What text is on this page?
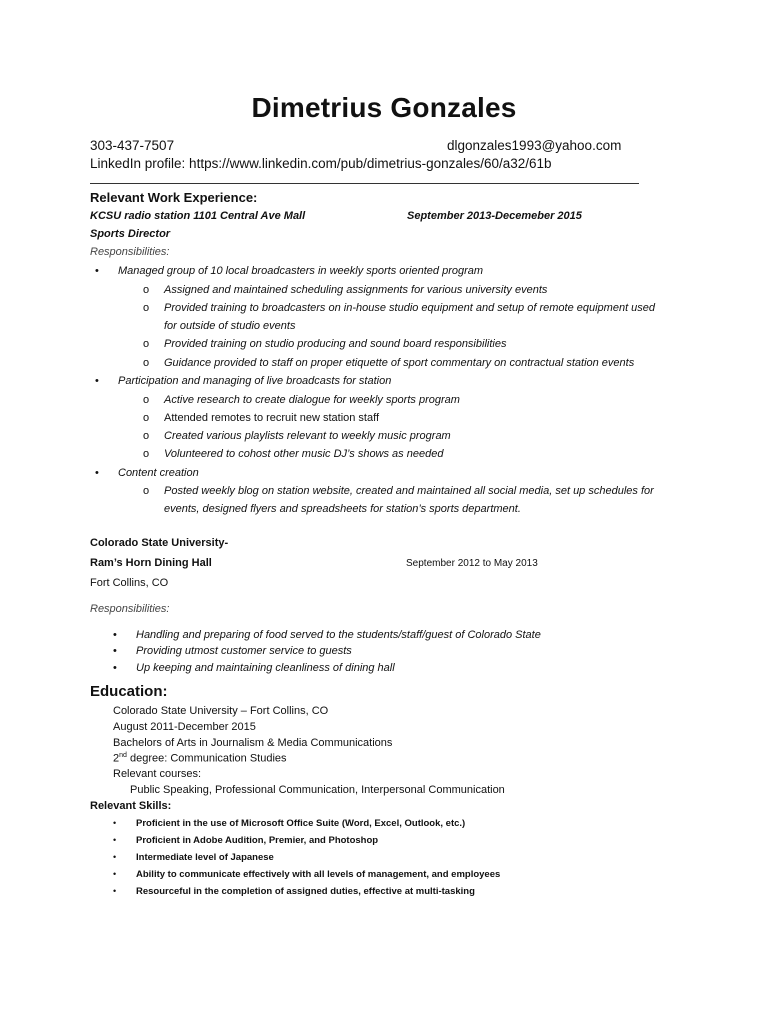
Dimetrius Gonzales
303-437-7507	dlgonzales1993@yahoo.com
LinkedIn profile: https://www.linkedin.com/pub/dimetrius-gonzales/60/a32/61b
Relevant Work Experience:
KCSU radio station 1101 Central Ave Mall	September 2013-Decemeber 2015
Sports Director
Responsibilities:
• Managed group of 10 local broadcasters in weekly sports oriented program
o Assigned and maintained scheduling assignments for various university events
o Provided training to broadcasters on in-house studio equipment and setup of remote equipment used
for outside of studio events
o Provided training on studio producing and sound board responsibilities
o Guidance provided to staff on proper etiquette of sport commentary on contractual station events
• Participation and managing of live broadcasts for station
o Active research to create dialogue for weekly sports program
o Attended remotes to recruit new station staff
o Created various playlists relevant to weekly music program
o Volunteered to cohost other music DJ’s shows as needed
• Content creation
o Posted weekly blog on station website, created and maintained all social media, set up schedules for
events, designed flyers and spreadsheets for station’s sports department.
Colorado State University-
Ram’s Horn Dining Hall	September 2012 to May 2013
Fort Collins, CO
Responsibilities:
• Handling and preparing of food served to the students/staff/guest of Colorado State
• Providing utmost customer service to guests
• Up keeping and maintaining cleanliness of dining hall
Education:
Colorado State University – Fort Collins, CO
August 2011-December 2015
Bachelors of Arts in Journalism & Media Communications
2nd degree: Communication Studies
Relevant courses:
Public Speaking, Professional Communication, Interpersonal Communication
Relevant Skills:
• Proficient in the use of Microsoft Office Suite (Word, Excel, Outlook, etc.)
• Proficient in Adobe Audition, Premier, and Photoshop
• Intermediate level of Japanese
• Ability to communicate effectively with all levels of management, and employees
• Resourceful in the completion of assigned duties, effective at multi-tasking
